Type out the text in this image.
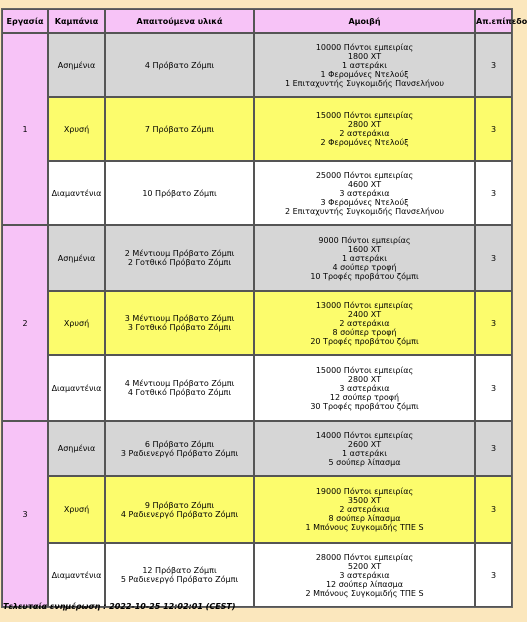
Εργασία	Καμπάνια	Απαιτούμενα υλικά	Αμοιβή	Απ.επίπεδο
1	Ασημένια	4 Πρόβατο Ζόμπι	10000 Πόντοι εμπειρίας
1800 ΧΤ
1 αστεράκι
1 Φερομόνες Ντελούξ
1 Επιταχυντής Συγκομιδής Πανσελήνου	3
	Χρυσή	7 Πρόβατο Ζόμπι	15000 Πόντοι εμπειρίας
2800 ΧΤ
2 αστεράκια
2 Φερομόνες Ντελούξ	3
	Διαμαντένια	10 Πρόβατο Ζόμπι	25000 Πόντοι εμπειρίας
4600 ΧΤ
3 αστεράκια
3 Φερομόνες Ντελούξ
2 Επιταχυντής Συγκομιδής Πανσελήνου	3
2	Ασημένια	2 Μέντιουμ Πρόβατο Ζόμπι
2 Γοτθικό Πρόβατο Ζόμπι	9000 Πόντοι εμπειρίας
1600 ΧΤ
1 αστεράκι
4 σούπερ τροφή
10 Τροφές προβάτου ζόμπι	3
	Χρυσή	3 Μέντιουμ Πρόβατο Ζόμπι
3 Γοτθικό Πρόβατο Ζόμπι	13000 Πόντοι εμπειρίας
2400 ΧΤ
2 αστεράκια
8 σούπερ τροφή
20 Τροφές προβάτου ζόμπι	3
	Διαμαντένια	4 Μέντιουμ Πρόβατο Ζόμπι
4 Γοτθικό Πρόβατο Ζόμπι	15000 Πόντοι εμπειρίας
2800 ΧΤ
3 αστεράκια
12 σούπερ τροφή
30 Τροφές προβάτου ζόμπι	3
3	Ασημένια	6 Πρόβατο Ζόμπι
3 Ραδιενεργό Πρόβατο Ζόμπι	14000 Πόντοι εμπειρίας
2600 ΧΤ
1 αστεράκι
5 σούπερ λίπασμα	3
	Χρυσή	9 Πρόβατο Ζόμπι
4 Ραδιενεργό Πρόβατο Ζόμπι	19000 Πόντοι εμπειρίας
3500 ΧΤ
2 αστεράκια
8 σούπερ λίπασμα
1 Μπόνους Συγκομιδής ΤΠΕ S	3
	Διαμαντένια	12 Πρόβατο Ζόμπι
5 Ραδιενεργό Πρόβατο Ζόμπι	28000 Πόντοι εμπειρίας
5200 ΧΤ
3 αστεράκια
12 σούπερ λίπασμα
2 Μπόνους Συγκομιδής ΤΠΕ S	3
Τελευταία ενημέρωση : 2022-10-25 12:02:01 (CEST)
